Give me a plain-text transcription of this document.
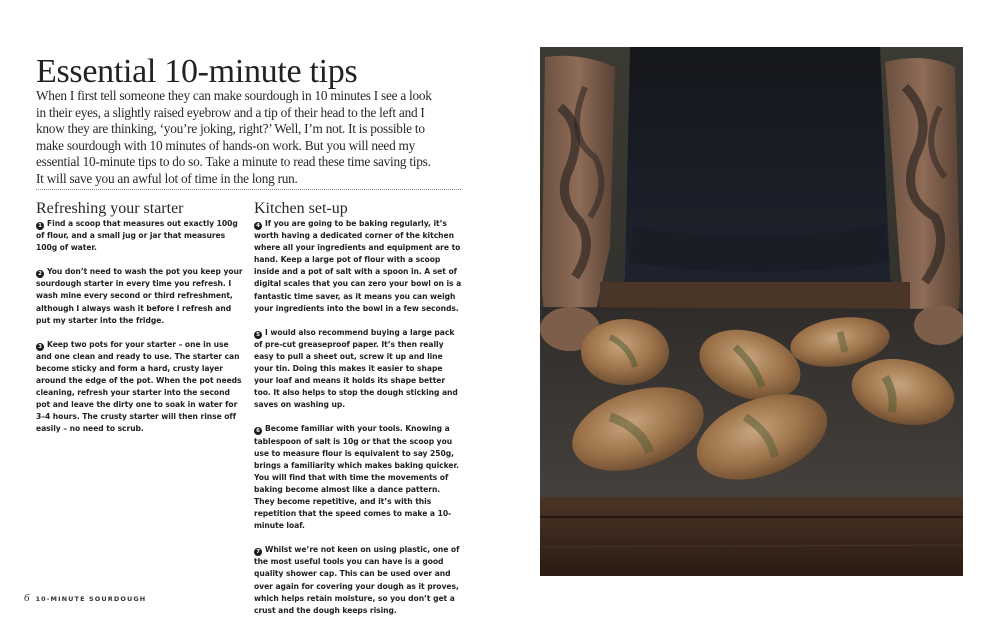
Essential 10-minute tips

When I first tell someone they can make sourdough in 10 minutes I see a look in their eyes, a slightly raised eyebrow and a tip of their head to the left and I know they are thinking, ‘you’re joking, right?’ Well, I’m not. It is possible to make sourdough with 10 minutes of hands-on work. But you will need my essential 10-minute tips to do so. Take a minute to read these time saving tips. It will save you an awful lot of time in the long run.

Refreshing your starter
1 Find a scoop that measures out exactly 100g of flour, and a small jug or jar that measures 100g of water.
2 You don’t need to wash the pot you keep your sourdough starter in every time you refresh. I wash mine every second or third refreshment, although I always wash it before I refresh and put my starter into the fridge.
3 Keep two pots for your starter – one in use and one clean and ready to use. The starter can become sticky and form a hard, crusty layer around the edge of the pot. When the pot needs cleaning, refresh your starter into the second pot and leave the dirty one to soak in water for 3–4 hours. The crusty starter will then rinse off easily – no need to scrub.
Kitchen set-up
4 If you are going to be baking regularly, it’s worth having a dedicated corner of the kitchen where all your ingredients and equipment are to hand. Keep a large pot of flour with a scoop inside and a pot of salt with a spoon in. A set of digital scales that you can zero your bowl on is a fantastic time saver, as it means you can weigh your ingredients into the bowl in a few seconds.
5 I would also recommend buying a large pack of pre-cut greaseproof paper. It’s then really easy to pull a sheet out, screw it up and line your tin. Doing this makes it easier to shape your loaf and means it holds its shape better too. It also helps to stop the dough sticking and saves on washing up.
6 Become familiar with your tools. Knowing a tablespoon of salt is 10g or that the scoop you use to measure flour is equivalent to say 250g, brings a familiarity which makes baking quicker. You will find that with time the movements of baking become almost like a dance pattern. They become repetitive, and it’s with this repetition that the speed comes to make a 10-minute loaf.
7 Whilst we’re not keen on using plastic, one of the most useful tools you can have is a good quality shower cap. This can be used over and over again for covering your dough as it proves, which helps retain moisture, so you don’t get a crust and the dough keeps rising.
6 10-MINUTE SOURDOUGH
